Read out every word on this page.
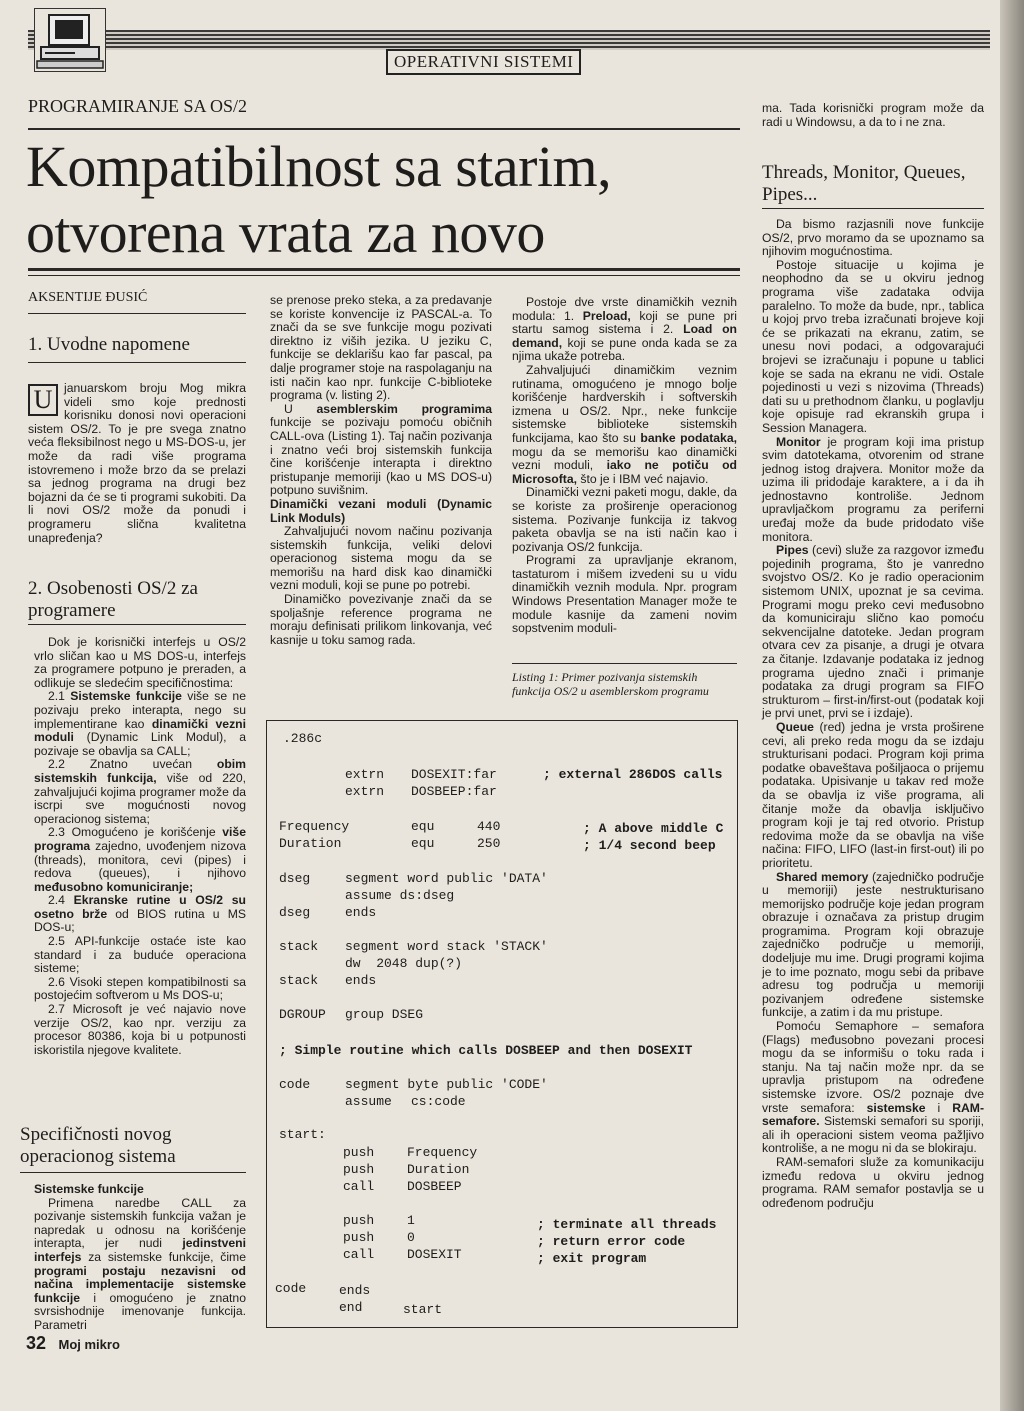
OPERATIVNI SISTEMI
PROGRAMIRANJE SA OS/2
Kompatibilnost sa starim,
otvorena vrata za novo
AKSENTIJE ĐUSIĆ
1. Uvodne napomene
U januarskom broju Mog mikra videli smo koje prednosti korisniku donosi novi operacioni sistem OS/2. To je pre svega znatno veća fleksibilnost nego u MS-DOS-u, jer može da radi više programa istovremeno i može brzo da se prelazi sa jednog programa na drugi bez bojazni da će se ti programi sukobiti. Da li novi OS/2 može da ponudi i programeru slična kvalitetna unapređenja?
2. Osobenosti OS/2 za
programere

Dok je korisnički interfejs u OS/2 vrlo sličan kao u MS DOS-u, interfejs za programere potpuno je preraden, a odlikuje se sledećim specifičnostima:

2.1 Sistemske funkcije više se ne pozivaju preko interapta, nego su implementirane kao dinamički vezni moduli (Dynamic Link Modul), a pozivaje se obavlja sa CALL;

2.2 Znatno uvećan obim sistemskih funkcija, više od 220, zahvaljujući kojima programer može da iscrpi sve mogućnosti novog operacionog sistema;

2.3 Omogućeno je korišćenje više programa zajedno, uvođenjem nizova (threads), monitora, cevi (pipes) i redova (queues), i njihovo međusobno komuniciranje;

2.4 Ekranske rutine u OS/2 su osetno brže od BIOS rutina u MS DOS-u;

2.5 API-funkcije ostaće iste kao standard i za buduće operaciona sisteme;

2.6 Visoki stepen kompatibilnosti sa postojećim softverom u Ms DOS-u;

2.7 Microsoft je već najavio nove verzije OS/2, kao npr. verziju za procesor 80386, koja bi u potpunosti iskoristila njegove kvalitete.

Specifičnosti novog
operacionog sistema

Sistemske funkcije

Primena naredbe CALL za pozivanje sistemskih funkcija važan je napredak u odnosu na korišćenje interapta, jer nudi jedinstveni interfejs za sistemske funkcije, čime programi postaju nezavisni od načina implementacije sistemske funkcije i omogućeno je znatno svrsishodnije imenovanje funkcija. Parametri

se prenose preko steka, a za predavanje se koriste konvencije iz PASCAL-a. To znači da se sve funkcije mogu pozivati direktno iz viših jezika. U jeziku C, funkcije se deklarišu kao far pascal, pa dalje programer stoje na raspolaganju na isti način kao npr. funkcije C-biblioteke programa (v. listing 2).

U asemblerskim programima funkcije se pozivaju pomoću običnih CALL-ova (Listing 1). Taj način pozivanja i znatno veći broj sistemskih funkcija čine korišćenje interapta i direktno pristupanje memoriji (kao u MS DOS-u) potpuno suvišnim.

Dinamički vezani moduli (Dynamic Link Moduls)

Zahvaljujući novom načinu pozivanja sistemskih funkcija, veliki delovi operacionog sistema mogu da se memorišu na hard disk kao dinamički vezni moduli, koji se pune po potrebi.

Dinamičko povezivanje znači da se spoljašnje reference programa ne moraju definisati prilikom linkovanja, već kasnije u toku samog rada.

Postoje dve vrste dinamičkih veznih modula: 1. Preload, koji se pune pri startu samog sistema i 2. Load on demand, koji se pune onda kada se za njima ukaže potreba.

Zahvaljujući dinamičkim veznim rutinama, omogućeno je mnogo bolje korišćenje hardverskih i softverskih izmena u OS/2. Npr., neke funkcije sistemske biblioteke sistemskih funkcijama, kao što su banke podataka, mogu da se memorišu kao dinamički vezni moduli, iako ne potiču od Microsofta, što je i IBM već najavio.

Dinamički vezni paketi mogu, dakle, da se koriste za proširenje operacionog sistema. Pozivanje funkcija iz takvog paketa obavlja se na isti način kao i pozivanja OS/2 funkcija.

Programi za upravljanje ekranom, tastaturom i mišem izvedeni su u vidu dinamičkih veznih modula. Npr. program Windows Presentation Manager može te module kasnije da zameni novim sopstvenim moduli-

Listing 1: Primer pozivanja sistemskih funkcija OS/2 u asemblerskom programu
.286c
extrn DOSEXIT:far	; external 286DOS calls
extrn DOSBEEP:far
Frequency	equ	440	; A above middle C
Duration	equ	250	; 1/4 second beep
dseg	segment word public 'DATA'
assume ds:dseg
dseg	ends
stack segment word stack 'STACK'
dw  2048 dup(?)
stack ends
DGROUP group DSEG
; Simple routine which calls DOSBEEP and then DOSEXIT
code	segment byte public 'CODE'
assume cs:code
start:
push	Frequency
push	Duration
call	DOSBEEP
push	1	; terminate all threads
push	0	; return error code
call	DOSEXIT	; exit program
code	ends
end	start

ma. Tada korisnički program može da radi u Windowsu, a da to i ne zna.

Threads, Monitor, Queues, Pipes...

Da bismo razjasnili nove funkcije OS/2, prvo moramo da se upoznamo sa njihovim mogućnostima.

Postoje situacije u kojima je neophodno da se u okviru jednog programa više zadataka odvija paralelno. To može da bude, npr., tablica u kojoj prvo treba izračunati brojeve koji će se prikazati na ekranu, zatim, se unesu novi podaci, a odgovarajući brojevi se izračunaju i popune u tablici koje se sada na ekranu ne vidi. Ostale pojedinosti u vezi s nizovima (Threads) dati su u prethodnom članku, u poglavlju koje opisuje rad ekranskih grupa i Session Managera.

Monitor je program koji ima pristup svim datotekama, otvorenim od strane jednog istog drajvera. Monitor može da uzima ili pridodaje karaktere, a i da ih jednostavno kontroliše. Jednom upravljačkom programu za periferni uređaj može da bude pridodato više monitora.

Pipes (cevi) služe za razgovor između pojedinih programa, što je vanredno svojstvo OS/2. Ko je radio operacionim sistemom UNIX, upoznat je sa cevima. Programi mogu preko cevi međusobno da komuniciraju slično kao pomoću sekvencijalne datoteke. Jedan program otvara cev za pisanje, a drugi je otvara za čitanje. Izdavanje podataka iz jednog programa ujedno znači i primanje podataka za drugi program sa FIFO strukturom – first-in/first-out (podatak koji je prvi unet, prvi se i izdaje).

Queue (red) jedna je vrsta proširene cevi, ali preko reda mogu da se izdaju strukturisani podaci. Program koji prima podatke obaveštava pošiljaoca o prijemu podataka. Upisivanje u takav red može da se obavlja iz više programa, ali čitanje može da obavlja isključivo program koji je taj red otvorio. Pristup redovima može da se obavlja na više načina: FIFO, LIFO (last-in first-out) ili po prioritetu.

Shared memory (zajedničko područje u memoriji) jeste nestrukturisano memorijsko područje koje jedan program obrazuje i označava za pristup drugim programima. Program koji obrazuje zajedničko područje u memoriji, dodeljuje mu ime. Drugi programi kojima je to ime poznato, mogu sebi da pribave adresu tog područja u memoriji pozivanjem određene sistemske funkcije, a zatim i da mu pristupe.

Pomoću Semaphore – semafora (Flags) međusobno povezani procesi mogu da se informišu o toku rada i stanju. Na taj način može npr. da se upravlja pristupom na određene sistemske izvore. OS/2 poznaje dve vrste semafora: sistemske i RAM-semafore. Sistemski semafori su sporiji, ali ih operacioni sistem veoma pažljivo kontroliše, a ne mogu ni da se blokiraju.

RAM-semafori služe za komunikaciju između redova u okviru jednog programa. RAM semafor postavlja se u određenom području

32 Moj mikro
